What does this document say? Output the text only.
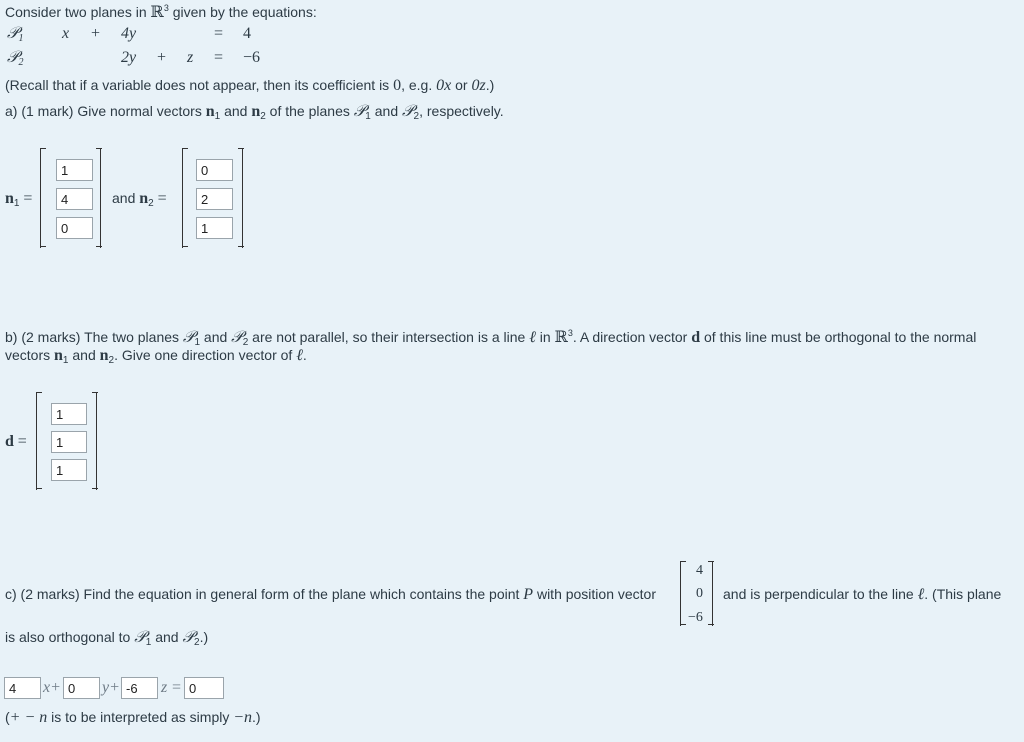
Consider two planes in ℝ$^3$ given by the equations:
𝒫$_1$ x + 4y	= 4
𝒫$_2$	2y + z = −6
(Recall that if a variable does not appear, then its coefficient is 0, e.g. 0x or 0z.)
a) (1 mark) Give normal vectors $n_1$ and $n_2$ of the planes 𝒫$_1$ and 𝒫$_2$, respectively.
$n_1$ =
1
4
0
and $n_2$ =
0
2
1
b) (2 marks) The two planes 𝒫$_1$ and 𝒫$_2$ are not parallel, so their intersection is a line ℓ in ℝ$^3$. A direction vector d of this line must be orthogonal to the normal
vectors $n_1$ and $n_2$. Give one direction vector of ℓ.
d =
1
1
1
c) (2 marks) Find the equation in general form of the plane which contains the point P with position vector
4
0
−6
and is perpendicular to the line ℓ. (This plane
is also orthogonal to 𝒫$_1$ and 𝒫$_2$.)
4	x+ 0	y+ -6	z = 0
(+ − n is to be interpreted as simply −n.)
